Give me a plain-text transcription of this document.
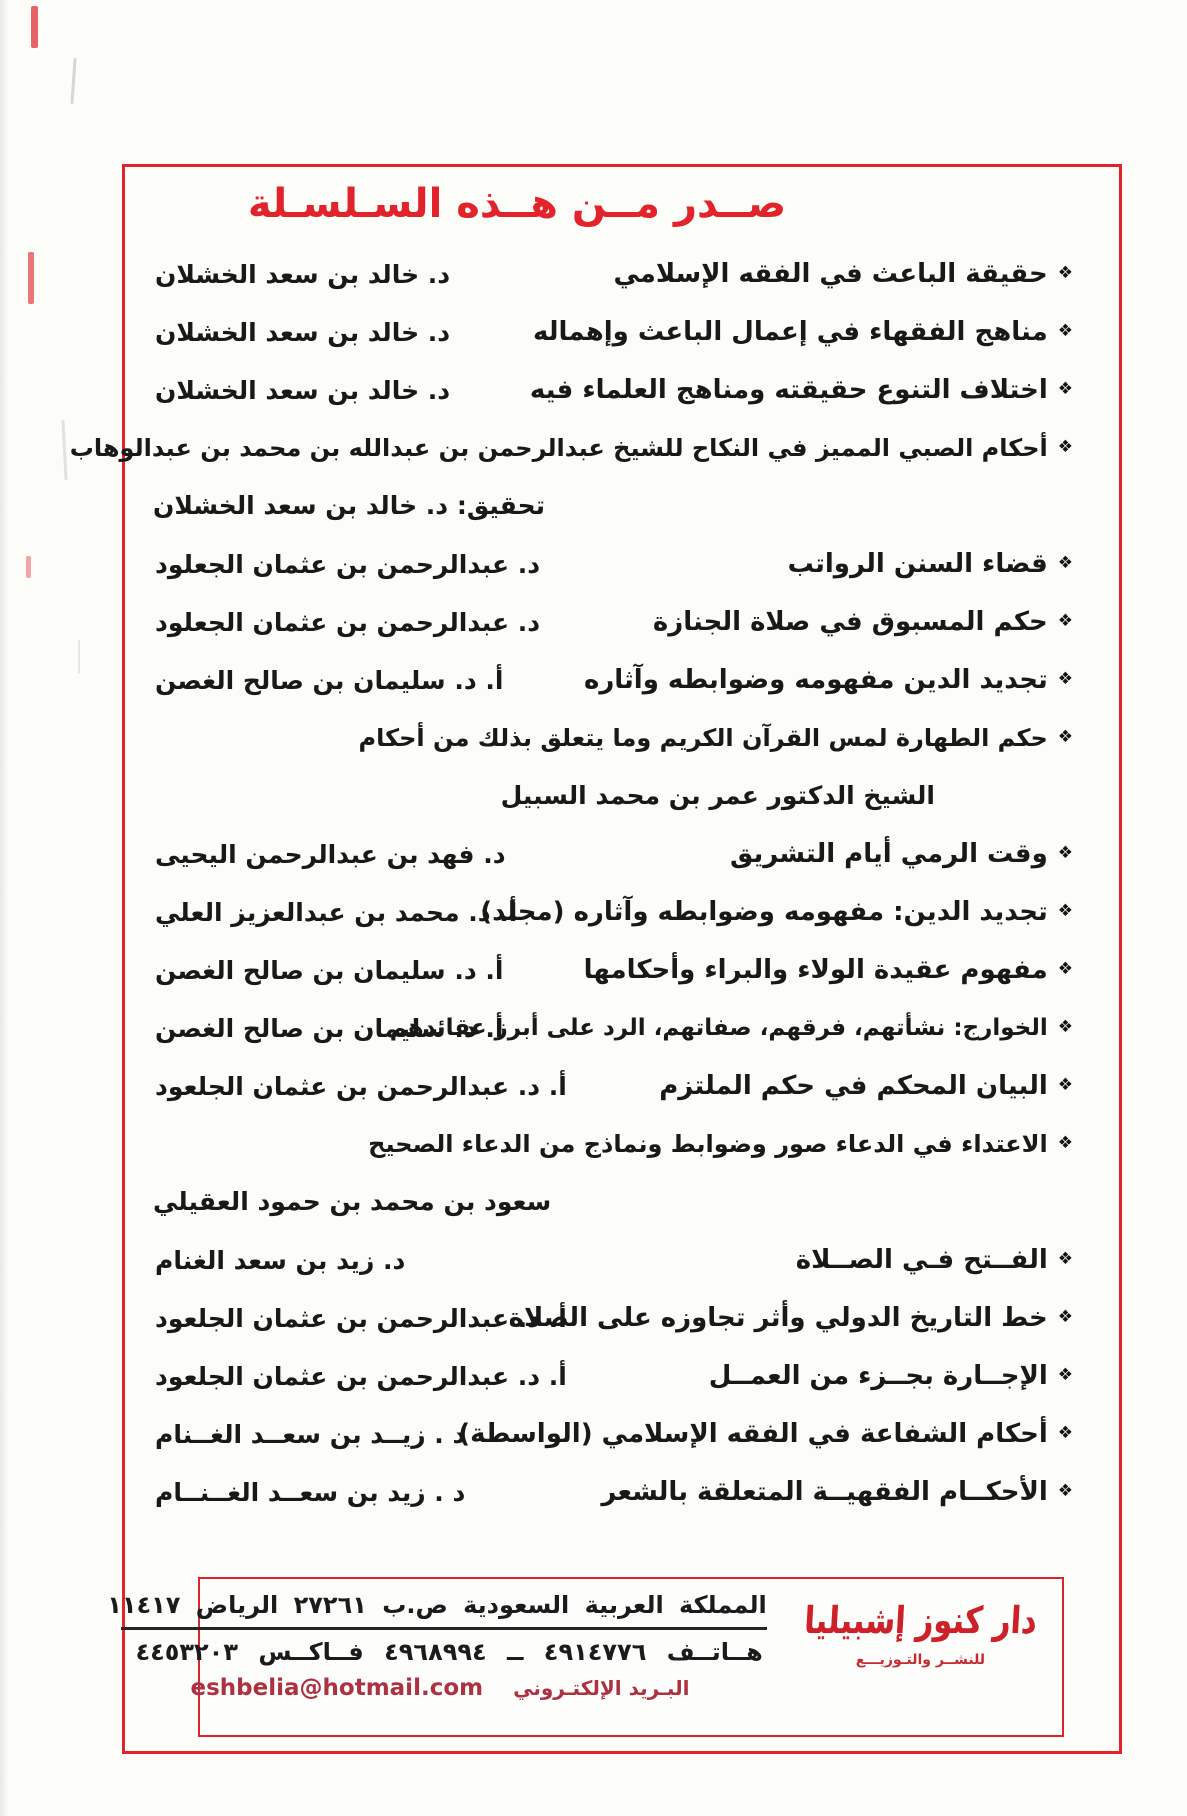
صــدر مــن هــذه السـلسـلة
❖
حقيقة الباعث في الفقه الإسلامي
د. خالد بن سعد الخشلان
❖
مناهج الفقهاء في إعمال الباعث وإهماله
د. خالد بن سعد الخشلان
❖
اختلاف التنوع حقيقته ومناهج العلماء فيه
د. خالد بن سعد الخشلان
❖
أحكام الصبي المميز في النكاح للشيخ عبدالرحمن بن عبدالله بن محمد بن عبدالوهاب
تحقيق: د. خالد بن سعد الخشلان
❖
قضاء السنن الرواتب
د. عبدالرحمن بن عثمان الجعلود
❖
حكم المسبوق في صلاة الجنازة
د. عبدالرحمن بن عثمان الجعلود
❖
تجديد الدين مفهومه وضوابطه وآثاره
أ. د. سليمان بن صالح الغصن
❖
حكم الطهارة لمس القرآن الكريم وما يتعلق بذلك من أحكام
الشيخ الدكتور عمر بن محمد السبيل
❖
وقت الرمي أيام التشريق
د. فهد بن عبدالرحمن اليحيى
❖
تجديد الدين: مفهومه وضوابطه وآثاره (مجلد)
أ. د. محمد بن عبدالعزيز العلي
❖
مفهوم عقيدة الولاء والبراء وأحكامها
أ. د. سليمان بن صالح الغصن
❖
الخوارج: نشأتهم، فرقهم، صفاتهم، الرد على أبرز عقائدهم
أ. د. سليمان بن صالح الغصن
❖
البيان المحكم في حكم الملتزم
أ. د. عبدالرحمن بن عثمان الجلعود
❖
الاعتداء في الدعاء صور وضوابط ونماذج من الدعاء الصحيح
سعود بن محمد بن حمود العقيلي
❖
الفــتح فـي الصــلاة
د. زيد بن سعد الغنام
❖
خط التاريخ الدولي وأثر تجاوزه على الصلاة
أ. د. عبدالرحمن بن عثمان الجلعود
❖
الإجــارة بجــزء من العمــل
أ. د. عبدالرحمن بن عثمان الجلعود
❖
أحكام الشفاعة في الفقه الإسلامي (الواسطة)
د . زيــد بن سعــد الغــنام
❖
الأحكــام الفقهيــة المتعلقة بالشعر
د . زيد بن سعــد الغــنــام
دار كنوز إشبيليا
للنشــر والتـوزيـــع
المملكة العربية السعودية ص.ب ٢٧٢٦١ الرياض ١١٤١٧
هــاتــف ٤٩١٤٧٧٦ ــ ٤٩٦٨٩٩٤ فــاكــس ٤٤٥٣٢٠٣
البـريد الإلكتـروني
eshbelia@hotmail.com
